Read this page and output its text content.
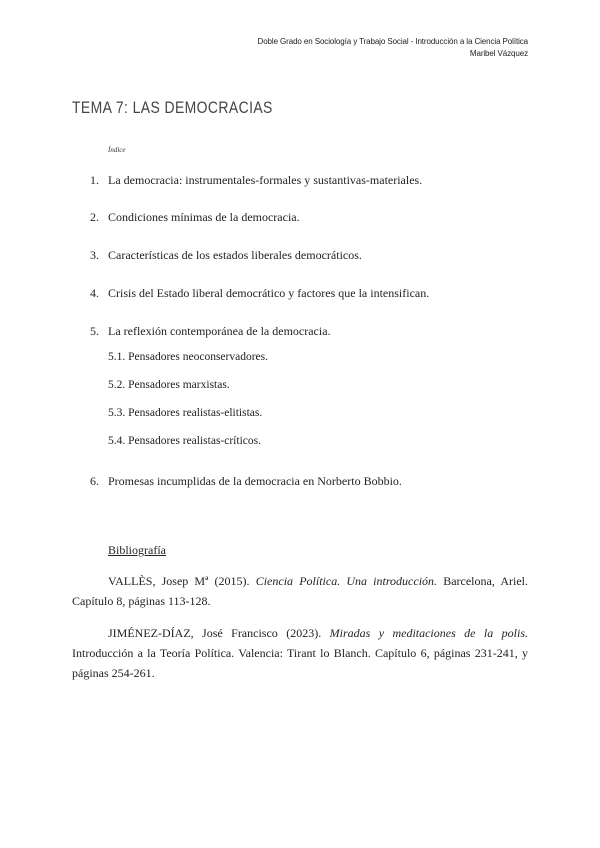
Doble Grado en Sociología y Trabajo Social - Introducción a la Ciencia Política
Maribel Vázquez
TEMA 7: LAS DEMOCRACIAS
Índice
1. La democracia: instrumentales-formales y sustantivas-materiales.
2. Condiciones mínimas de la democracia.
3. Características de los estados liberales democráticos.
4. Crisis del Estado liberal democrático y factores que la intensifican.
5. La reflexión contemporánea de la democracia.
5.1. Pensadores neoconservadores.
5.2. Pensadores marxistas.
5.3. Pensadores realistas-elitistas.
5.4. Pensadores realistas-críticos.
6. Promesas incumplidas de la democracia en Norberto Bobbio.
Bibliografía
VALLÈS, Josep Mª (2015). Ciencia Política. Una introducción. Barcelona, Ariel. Capítulo 8, páginas 113-128.
JIMÉNEZ-DÍAZ, José Francisco (2023). Miradas y meditaciones de la polis. Introducción a la Teoría Política. Valencia: Tirant lo Blanch. Capítulo 6, páginas 231-241, y páginas 254-261.
